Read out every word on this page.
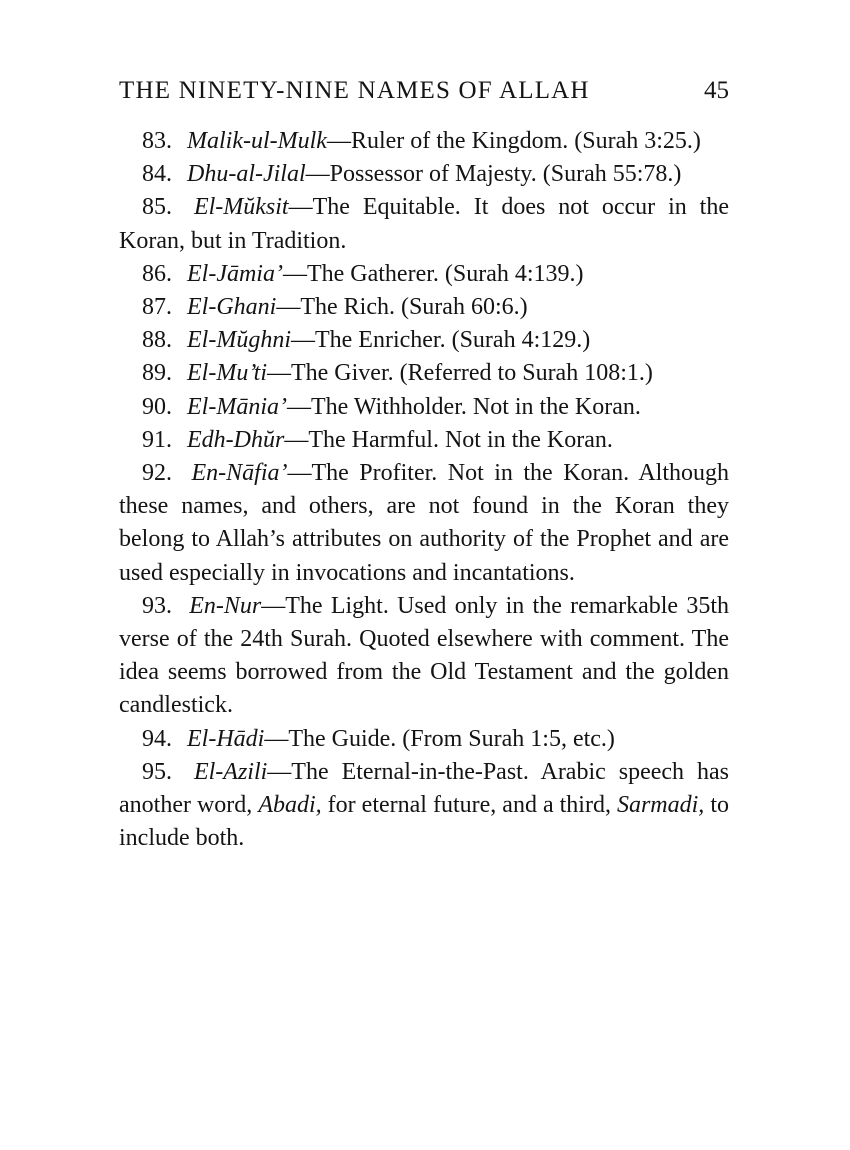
THE NINETY-NINE NAMES OF ALLAH	45

83. Malik-ul-Mulk—Ruler of the Kingdom. (Surah 3:25.)

84. Dhu-al-Jilal—Possessor of Majesty. (Surah 55:78.)

85. El-Mŭksit—The Equitable. It does not occur in the Koran, but in Tradition.

86. El-Jāmia’—The Gatherer. (Surah 4:139.)

87. El-Ghani—The Rich. (Surah 60:6.)

88. El-Mŭghni—The Enricher. (Surah 4:129.)

89. El-Mu’ti—The Giver. (Referred to Surah 108:1.)

90. El-Mānia’—The Withholder. Not in the Koran.

91. Edh-Dhŭr—The Harmful. Not in the Koran.

92. En-Nāfia’—The Profiter. Not in the Koran. Although these names, and others, are not found in the Koran they belong to Allah’s attributes on authority of the Prophet and are used especially in invocations and incantations.

93. En-Nur—The Light. Used only in the remarkable 35th verse of the 24th Surah. Quoted elsewhere with comment. The idea seems borrowed from the Old Testament and the golden candlestick.

94. El-Hādi—The Guide. (From Surah 1:5, etc.)

95. El-Azili—The Eternal-in-the-Past. Arabic speech has another word, Abadi, for eternal future, and a third, Sarmadi, to include both.
